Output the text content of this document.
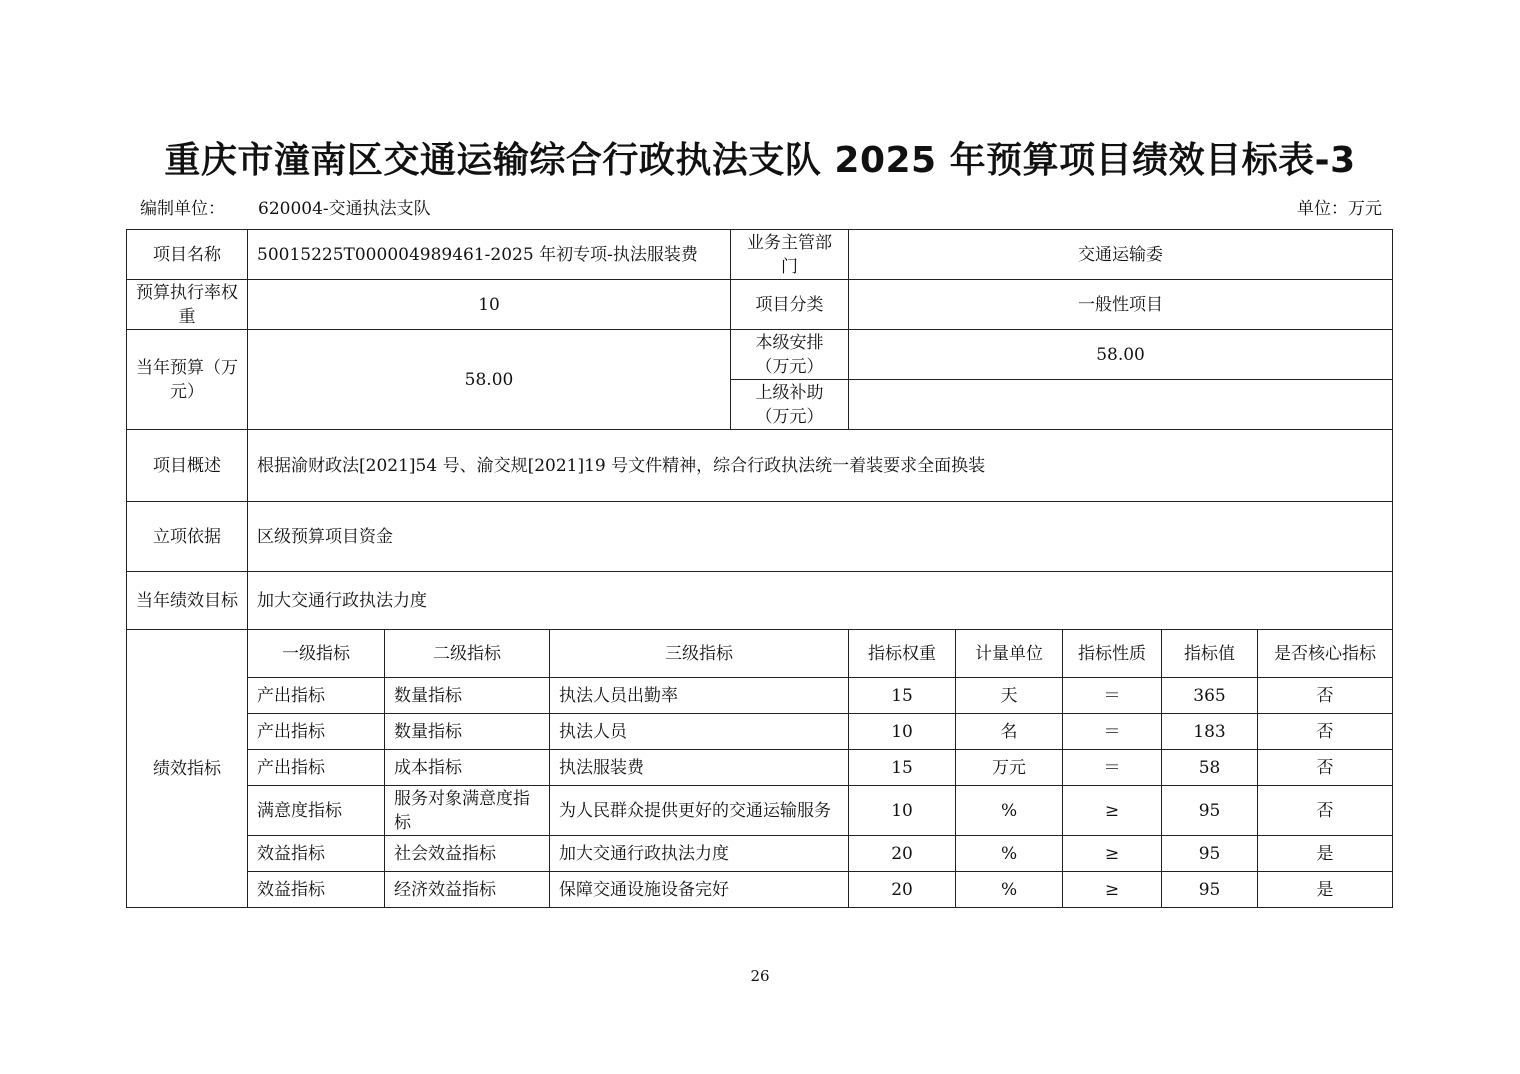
重庆市潼南区交通运输综合行政执法支队 2025 年预算项目绩效目标表-3
编制单位： 620004-交通执法支队	单位：万元
项目名称	50015225T000004989461-2025 年初专项-执法服装费			业务主管部门	交通运输委				
预算执行率权重	10			项目分类	一般性项目				
当年预算（万元）	58.00			本级安排（万元）	58.00				
				上级补助（万元）					
项目概述	根据渝财政法[2021]54 号、渝交规[2021]19 号文件精神，综合行政执法统一着装要求全面换装								
立项依据	区级预算项目资金								
当年绩效目标	加大交通行政执法力度								
绩效指标	一级指标	二级指标	三级指标		指标权重	计量单位	指标性质	指标值	是否核心指标
	产出指标	数量指标	执法人员出勤率		15	天	＝	365	否
	产出指标	数量指标	执法人员		10	名	＝	183	否
	产出指标	成本指标	执法服装费		15	万元	＝	58	否
	满意度指标	服务对象满意度指标	为人民群众提供更好的交通运输服务		10	%	≥	95	否
	效益指标	社会效益指标	加大交通行政执法力度		20	%	≥	95	是
	效益指标	经济效益指标	保障交通设施设备完好		20	%	≥	95	是
26
